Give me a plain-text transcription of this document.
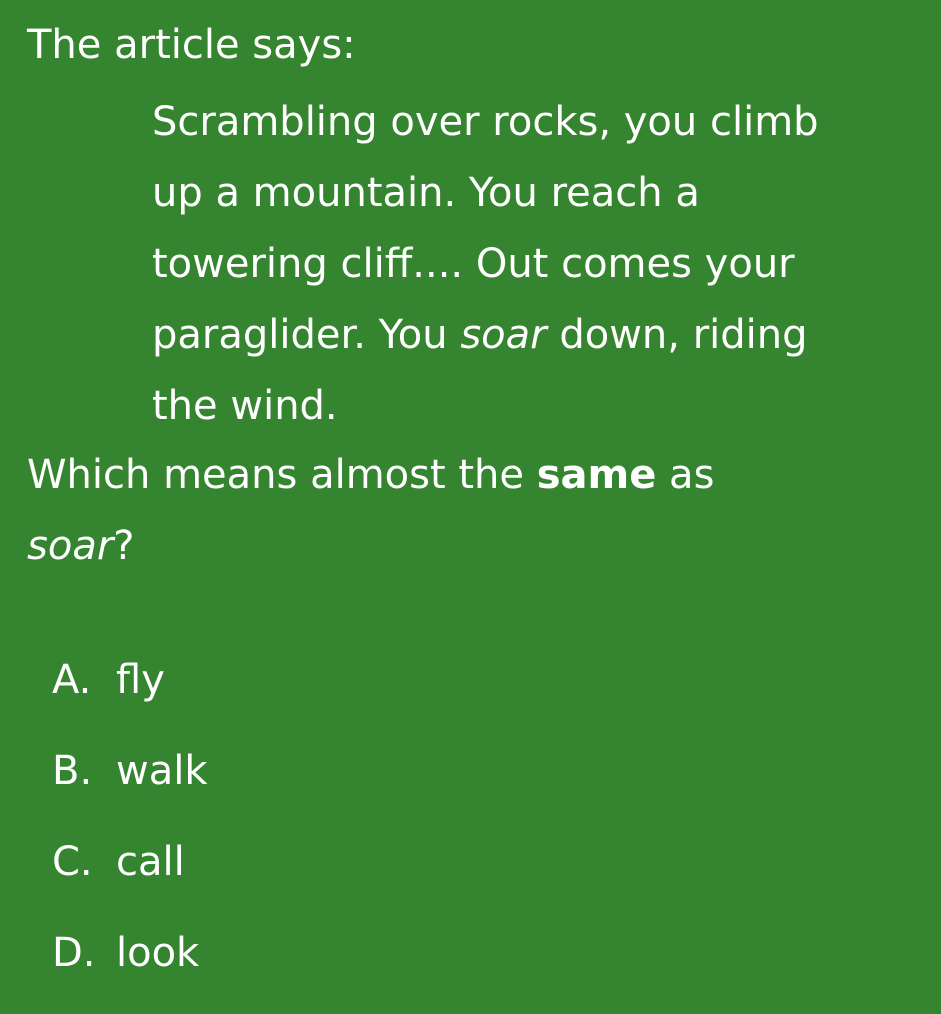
The article says:
Scrambling over rocks, you climb
up a mountain. You reach a
towering cliff.... Out comes your
paraglider. You soar down, riding
the wind.
Which means almost the same as
soar?
A. fly
B. walk
C. call
D. look
